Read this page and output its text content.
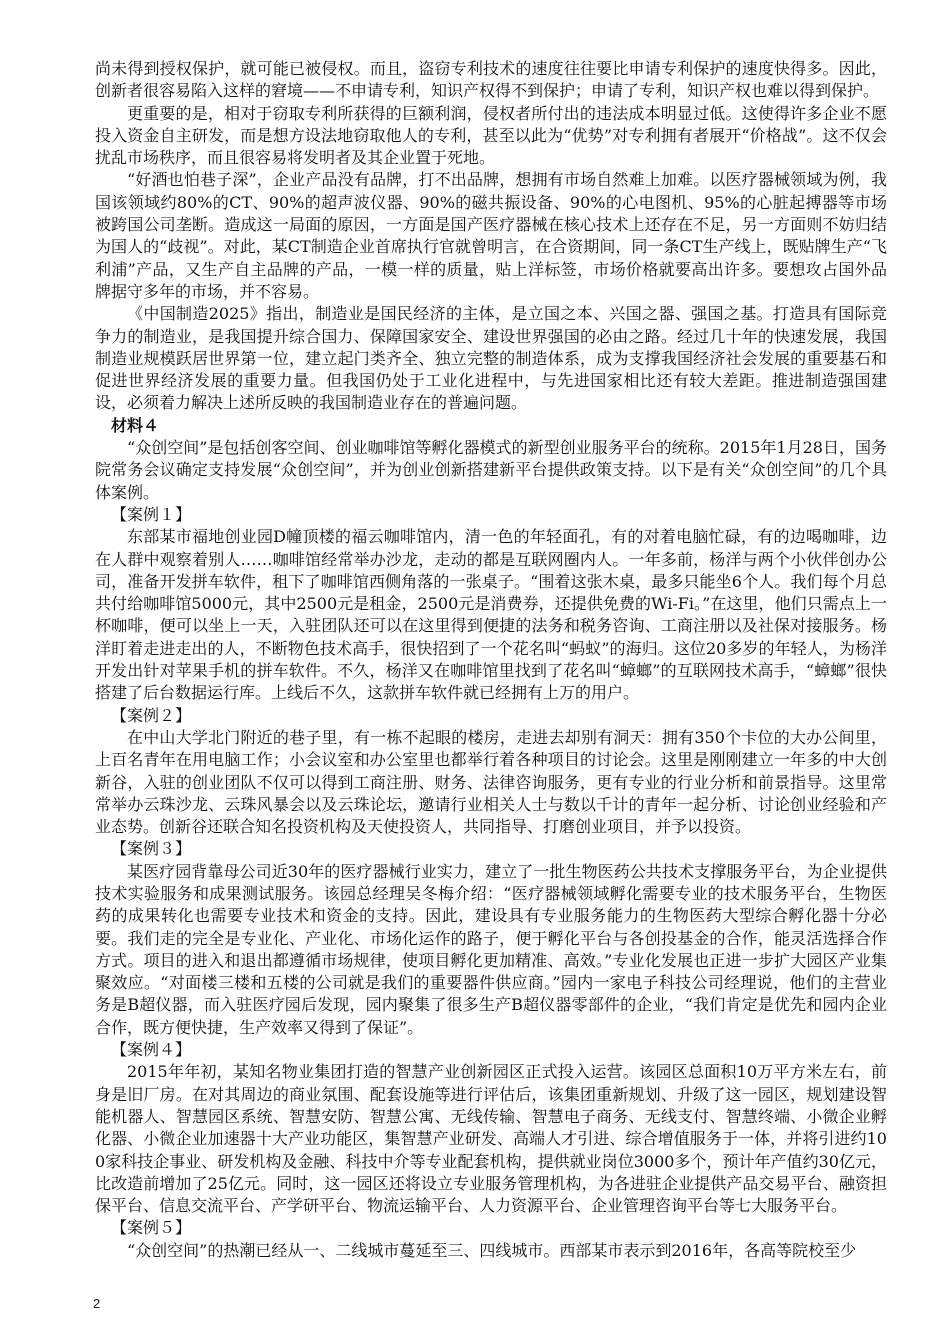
尚未得到授权保护，就可能已被侵权。而且，盗窃专利技术的速度往往要比申请专利保护的速度快得多。因此，创新者很容易陷入这样的窘境——不申请专利，知识产权得不到保护；申请了专利，知识产权也难以得到保护。

更重要的是，相对于窃取专利所获得的巨额利润，侵权者所付出的违法成本明显过低。这使得许多企业不愿投入资金自主研发，而是想方设法地窃取他人的专利，甚至以此为“优势”对专利拥有者展开“价格战”。这不仅会扰乱市场秩序，而且很容易将发明者及其企业置于死地。

“好酒也怕巷子深”，企业产品没有品牌，打不出品牌，想拥有市场自然难上加难。以医疗器械领域为例，我国该领域约80%的CT、90%的超声波仪器、90%的磁共振设备、90%的心电图机、95%的心脏起搏器等市场被跨国公司垄断。造成这一局面的原因，一方面是国产医疗器械在核心技术上还存在不足，另一方面则不妨归结为国人的“歧视”。对此，某CT制造企业首席执行官就曾明言，在合资期间，同一条CT生产线上，既贴牌生产“飞利浦”产品，又生产自主品牌的产品，一模一样的质量，贴上洋标签，市场价格就要高出许多。要想攻占国外品牌据守多年的市场，并不容易。

《中国制造2025》指出，制造业是国民经济的主体，是立国之本、兴国之器、强国之基。打造具有国际竞争力的制造业，是我国提升综合国力、保障国家安全、建设世界强国的必由之路。经过几十年的快速发展，我国制造业规模跃居世界第一位，建立起门类齐全、独立完整的制造体系，成为支撑我国经济社会发展的重要基石和促进世界经济发展的重要力量。但我国仍处于工业化进程中，与先进国家相比还有较大差距。推进制造强国建设，必须着力解决上述所反映的我国制造业存在的普遍问题。

材料４

“众创空间”是包括创客空间、创业咖啡馆等孵化器模式的新型创业服务平台的统称。2015年1月28日，国务院常务会议确定支持发展“众创空间”，并为创业创新搭建新平台提供政策支持。以下是有关“众创空间”的几个具体案例。

【案例１】

东部某市福地创业园D幢顶楼的福云咖啡馆内，清一色的年轻面孔，有的对着电脑忙碌，有的边喝咖啡，边在人群中观察着别人……咖啡馆经常举办沙龙，走动的都是互联网圈内人。一年多前，杨洋与两个小伙伴创办公司，准备开发拼车软件，租下了咖啡馆西侧角落的一张桌子。“围着这张木桌，最多只能坐6个人。我们每个月总共付给咖啡馆5000元，其中2500元是租金，2500元是消费券，还提供免费的Wi-Fi。”在这里，他们只需点上一杯咖啡，便可以坐上一天，入驻团队还可以在这里得到便捷的法务和税务咨询、工商注册以及社保对接服务。杨洋盯着走进走出的人，不断物色技术高手，很快招到了一个花名叫“蚂蚁”的海归。这位20多岁的年轻人，为杨洋开发出针对苹果手机的拼车软件。不久，杨洋又在咖啡馆里找到了花名叫“蟑螂”的互联网技术高手，“蟑螂”很快搭建了后台数据运行库。上线后不久，这款拼车软件就已经拥有上万的用户。

【案例２】

在中山大学北门附近的巷子里，有一栋不起眼的楼房，走进去却别有洞天：拥有350个卡位的大办公间里，上百名青年在用电脑工作；小会议室和办公室里也都举行着各种项目的讨论会。这里是刚刚建立一年多的中大创新谷，入驻的创业团队不仅可以得到工商注册、财务、法律咨询服务，更有专业的行业分析和前景指导。这里常常举办云珠沙龙、云珠风暴会以及云珠论坛，邀请行业相关人士与数以千计的青年一起分析、讨论创业经验和产业态势。创新谷还联合知名投资机构及天使投资人，共同指导、打磨创业项目，并予以投资。

【案例３】

某医疗园背靠母公司近30年的医疗器械行业实力，建立了一批生物医药公共技术支撑服务平台，为企业提供技术实验服务和成果测试服务。该园总经理吴冬梅介绍：“医疗器械领域孵化需要专业的技术服务平台，生物医药的成果转化也需要专业技术和资金的支持。因此，建设具有专业服务能力的生物医药大型综合孵化器十分必要。我们走的完全是专业化、产业化、市场化运作的路子，便于孵化平台与各创投基金的合作，能灵活选择合作方式。项目的进入和退出都遵循市场规律，使项目孵化更加精准、高效。”专业化发展也正进一步扩大园区产业集聚效应。“对面楼三楼和五楼的公司就是我们的重要器件供应商。”园内一家电子科技公司经理说，他们的主营业务是B超仪器，而入驻医疗园后发现，园内聚集了很多生产B超仪器零部件的企业，“我们肯定是优先和园内企业合作，既方便快捷，生产效率又得到了保证”。

【案例４】

2015年年初，某知名物业集团打造的智慧产业创新园区正式投入运营。该园区总面积10万平方米左右，前身是旧厂房。在对其周边的商业氛围、配套设施等进行评估后，该集团重新规划、升级了这一园区，规划建设智能机器人、智慧园区系统、智慧安防、智慧公寓、无线传输、智慧电子商务、无线支付、智慧终端、小微企业孵化器、小微企业加速器十大产业功能区，集智慧产业研发、高端人才引进、综合增值服务于一体，并将引进约100家科技企事业、研发机构及金融、科技中介等专业配套机构，提供就业岗位3000多个，预计年产值约30亿元，比改造前增加了25亿元。同时，这一园区还将设立专业服务管理机构，为各进驻企业提供产品交易平台、融资担保平台、信息交流平台、产学研平台、物流运输平台、人力资源平台、企业管理咨询平台等七大服务平台。

【案例５】

“众创空间”的热潮已经从一、二线城市蔓延至三、四线城市。西部某市表示到2016年，各高等院校至少

2
